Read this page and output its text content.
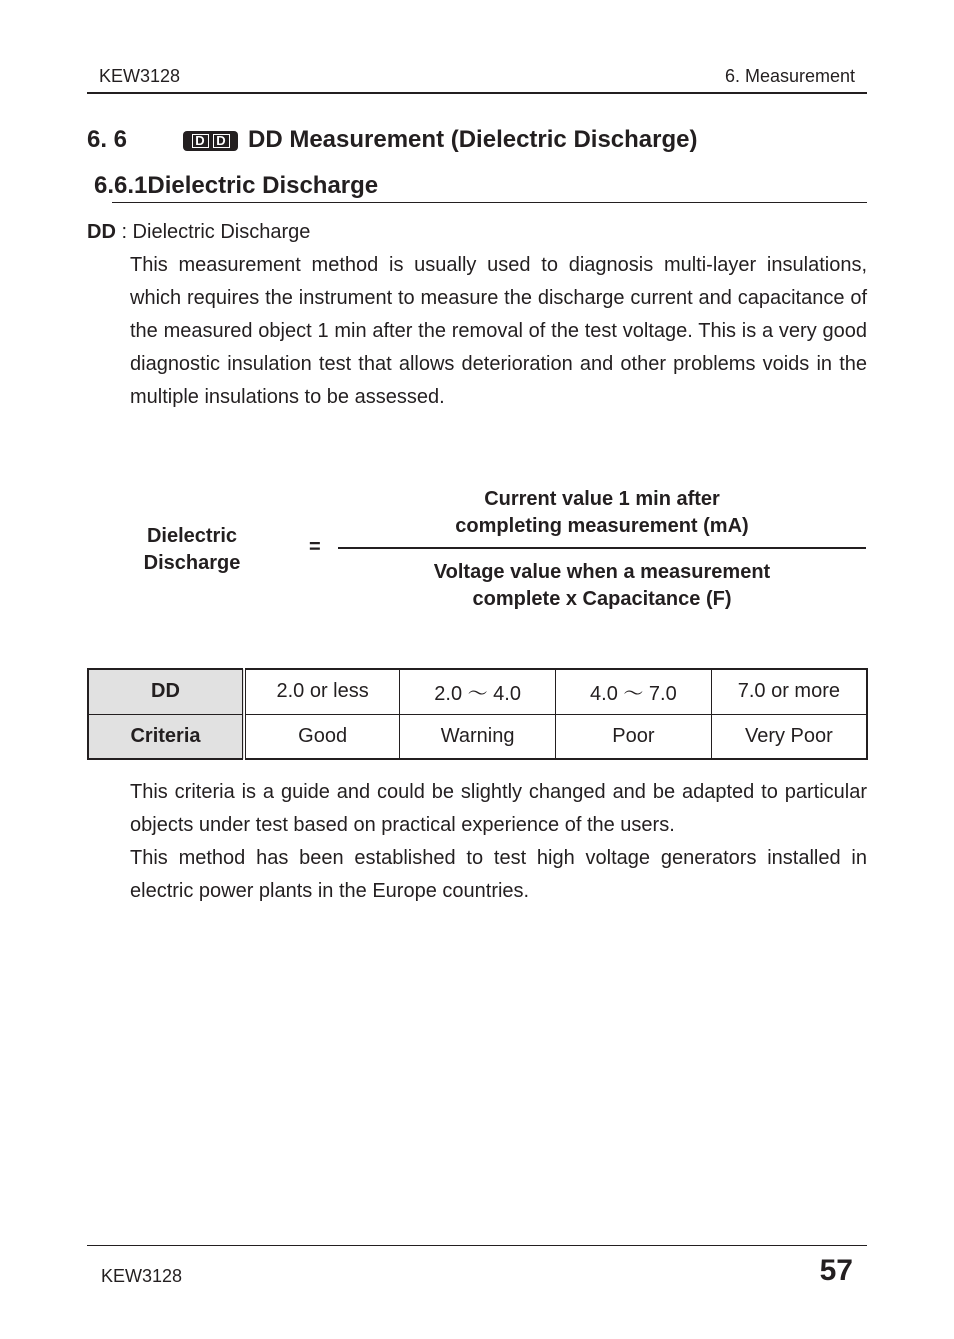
KEW3128	6. Measurement
6. 6	D D DD Measurement (Dielectric Discharge)
6.6.1Dielectric Discharge
DD : Dielectric Discharge
This measurement method is usually used to diagnosis multi-layer insulations, which requires the instrument to measure the discharge current and capacitance of the measured object 1 min after the removal of the test voltage. This is a very good diagnostic insulation test that allows deterioration and other problems voids in the multiple insulations to be assessed.
Dielectric
Discharge
=
Current value 1 min after
completing measurement (mA)
Voltage value when a measurement
complete x Capacitance (F)
DD	2.0 or less	2.0 ～ 4.0	4.0 ～ 7.0	7.0 or more
Criteria	Good	Warning	Poor	Very Poor
This criteria is a guide and could be slightly changed and be adapted to particular objects under test based on practical experience of the users.
This method has been established to test high voltage generators installed in electric power plants in the Europe countries.
KEW3128	57
